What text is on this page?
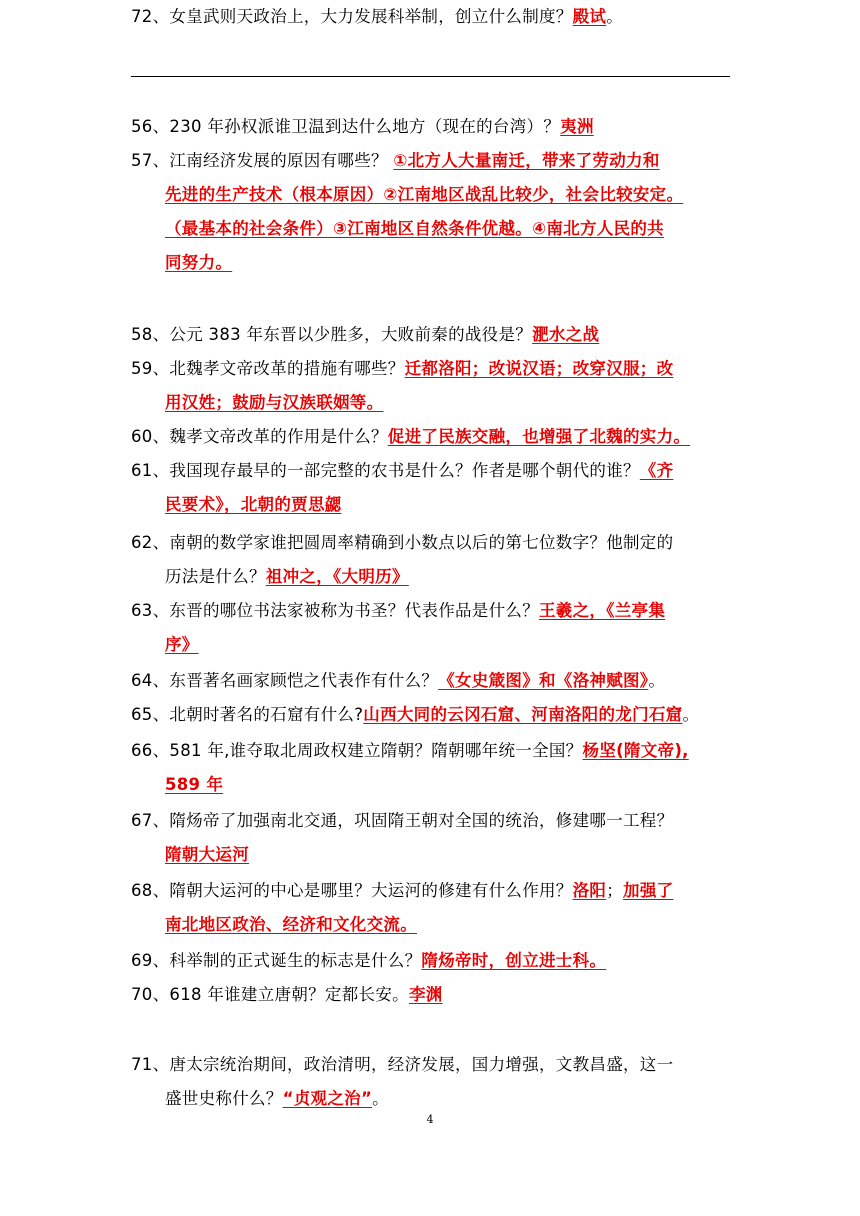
56、230 年孙权派谁卫温到达什么地方（现在的台湾）？夷洲
57、江南经济发展的原因有哪些？ ①北方人大量南迁，带来了劳动力和
先进的生产技术（根本原因）②江南地区战乱比较少，社会比较安定。
（最基本的社会条件）③江南地区自然条件优越。④南北方人民的共
同努力。
58、公元 383 年东晋以少胜多，大败前秦的战役是？淝水之战
59、北魏孝文帝改革的措施有哪些？迁都洛阳；改说汉语；改穿汉服；改
用汉姓；鼓励与汉族联姻等。
60、魏孝文帝改革的作用是什么？促进了民族交融，也增强了北魏的实力。
61、我国现存最早的一部完整的农书是什么？作者是哪个朝代的谁？《齐
民要术》，北朝的贾思勰
62、南朝的数学家谁把圆周率精确到小数点以后的第七位数字？他制定的
历法是什么？祖冲之，《大明历》
63、东晋的哪位书法家被称为书圣？代表作品是什么？王羲之，《兰亭集
序》
64、东晋著名画家顾恺之代表作有什么？《女史箴图》和《洛神赋图》。
65、北朝时著名的石窟有什么?山西大同的云冈石窟、河南洛阳的龙门石窟。
66、581 年,谁夺取北周政权建立隋朝？隋朝哪年统一全国？杨坚(隋文帝),
589 年
67、隋炀帝了加强南北交通，巩固隋王朝对全国的统治，修建哪一工程？
隋朝大运河
68、隋朝大运河的中心是哪里？大运河的修建有什么作用？洛阳；加强了
南北地区政治、经济和文化交流。
69、科举制的正式诞生的标志是什么？隋炀帝时，创立进士科。
70、618 年谁建立唐朝？定都长安。李渊
71、唐太宗统治期间，政治清明，经济发展，国力增强，文教昌盛，这一
盛世史称什么？“贞观之治”。
72、女皇武则天政治上，大力发展科举制，创立什么制度？殿试。
4
